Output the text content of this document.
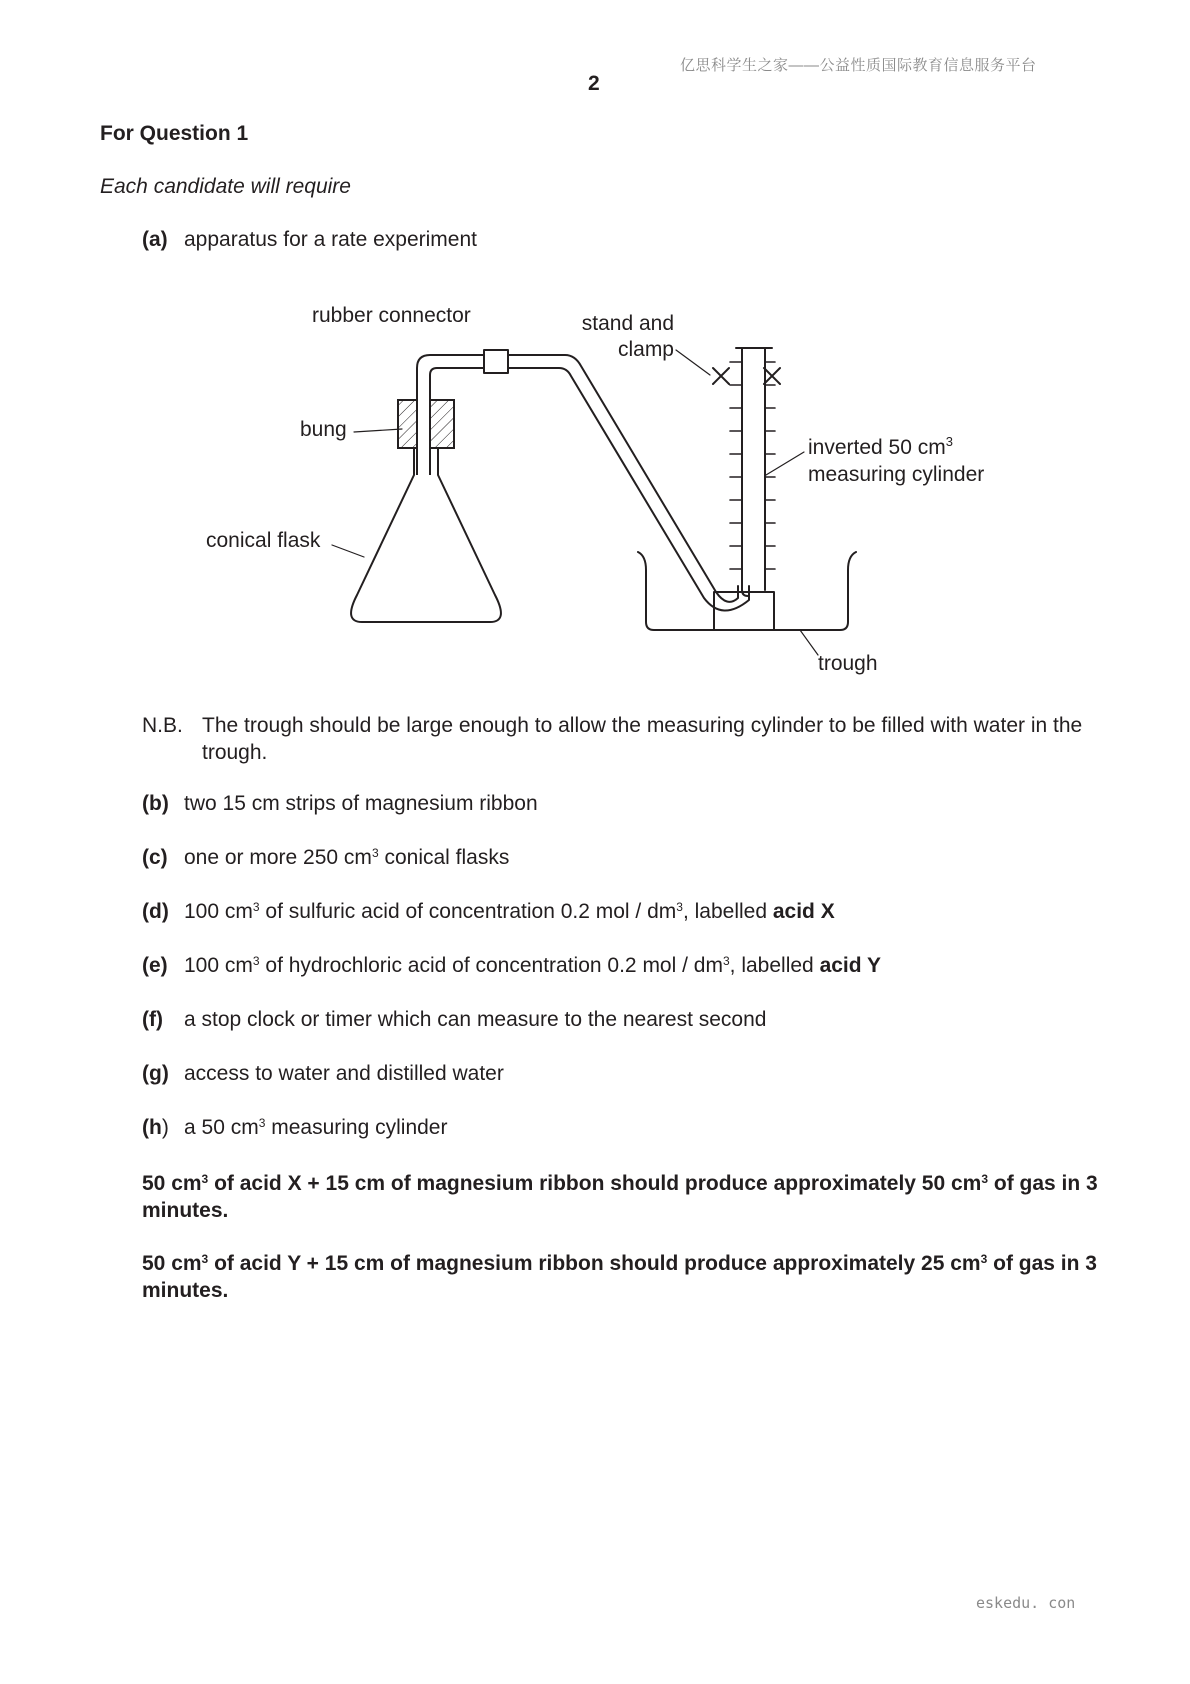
亿思科学生之家——公益性质国际教育信息服务平台
2
For Question 1
Each candidate will require
(a) apparatus for a rate experiment
rubber connector	stand and
clamp
bung
inverted 50 $cm^3$
measuring cylinder
conical flask
trough
N.B. The trough should be large enough to allow the measuring cylinder to be filled with water in the trough.
(b) two 15 cm strips of magnesium ribbon
(c) one or more 250 $cm^3$ conical flasks
(d) 100 $cm^3$ of sulfuric acid of concentration 0.2 mol / $dm^3$, labelled acid X
(e) 100 $cm^3$ of hydrochloric acid of concentration 0.2 mol / $dm^3$, labelled acid Y
(f)	a stop clock or timer which can measure to the nearest second
(g) access to water and distilled water
(h) a 50 $cm^3$ measuring cylinder
50 $cm^3$ of acid X + 15 cm of magnesium ribbon should produce approximately 50 $cm^3$ of gas in 3 minutes.
50 $cm^3$ of acid Y + 15 cm of magnesium ribbon should produce approximately 25 $cm^3$ of gas in 3 minutes.
eskedu. con
